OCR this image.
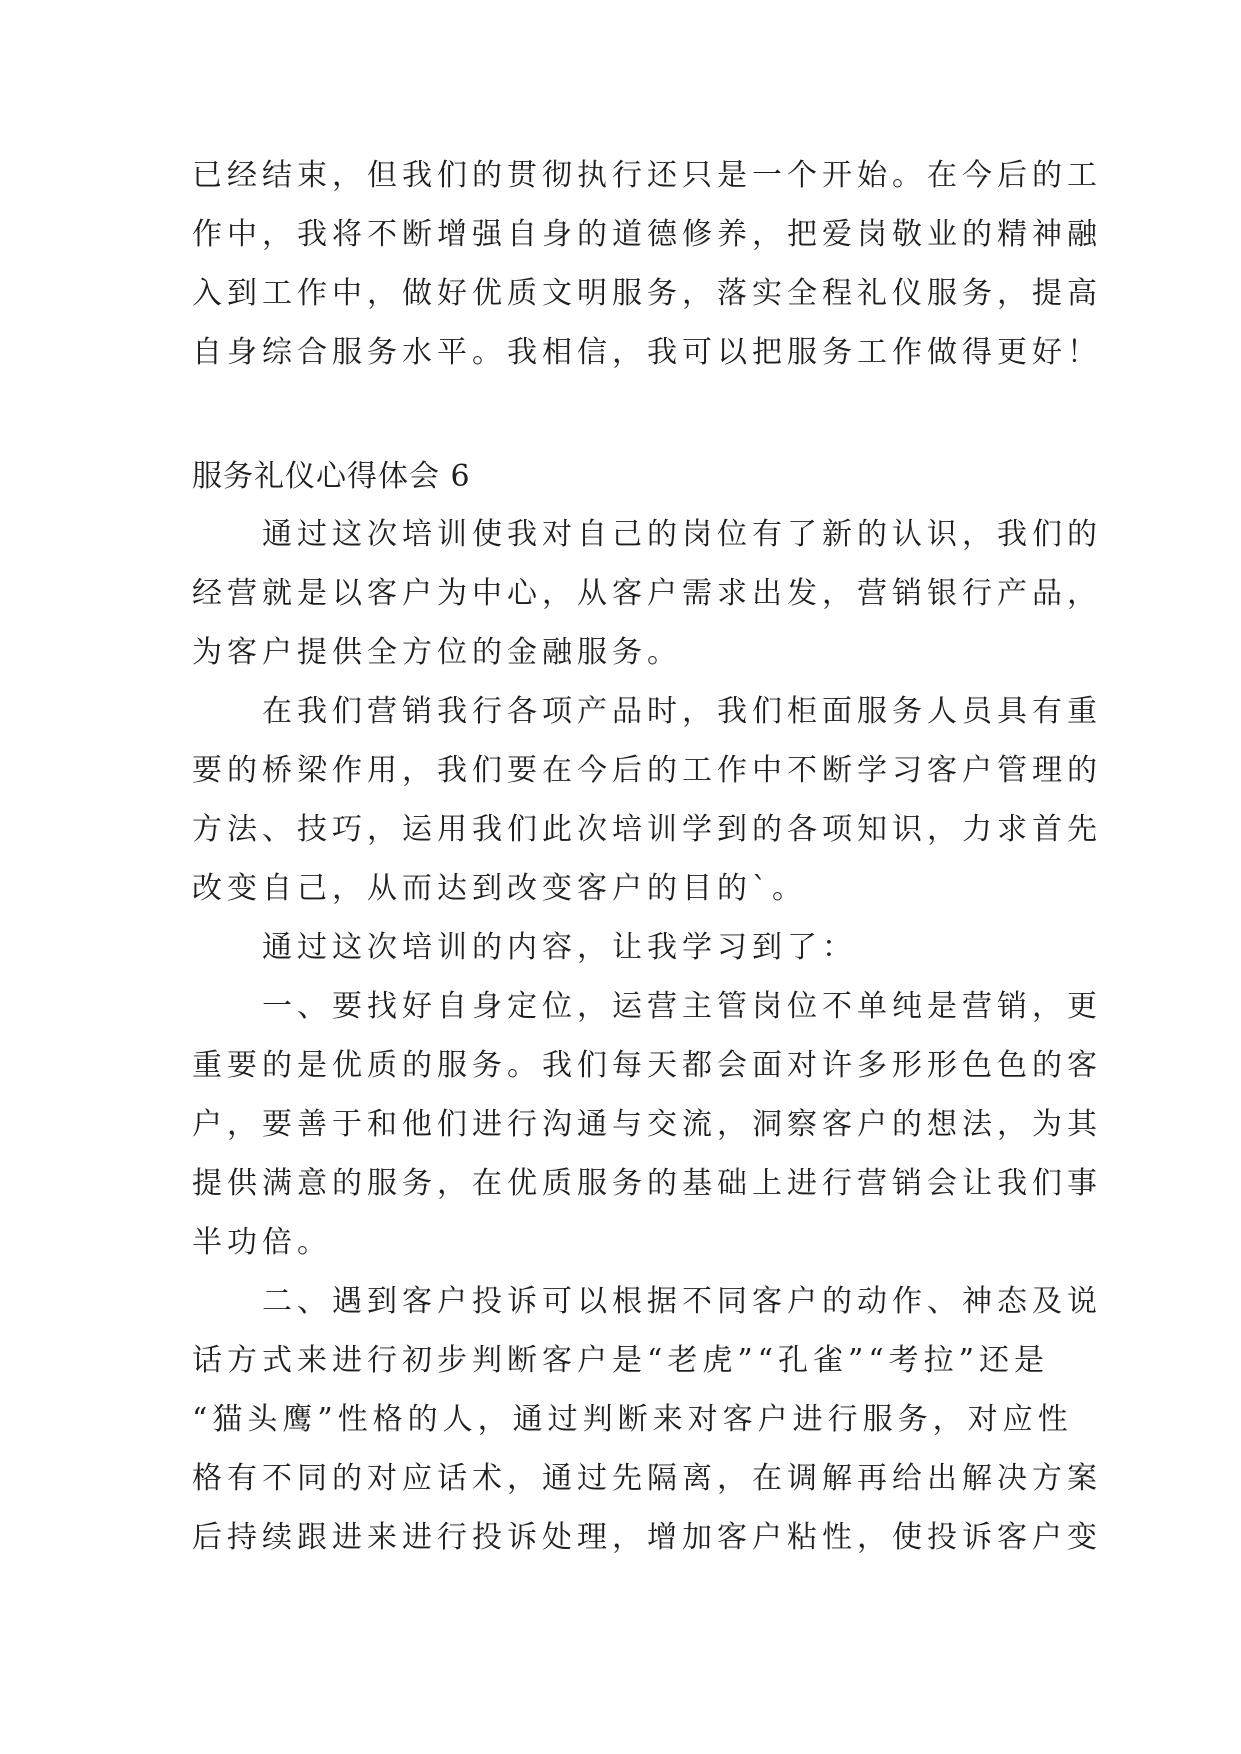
已经结束，但我们的贯彻执行还只是一个开始。在今后的工
作中，我将不断增强自身的道德修养，把爱岗敬业的精神融
入到工作中，做好优质文明服务，落实全程礼仪服务，提高
自身综合服务水平。我相信，我可以把服务工作做得更好！
服务礼仪心得体会 6
　　通过这次培训使我对自己的岗位有了新的认识，我们的
经营就是以客户为中心，从客户需求出发，营销银行产品，
为客户提供全方位的金融服务。
　　在我们营销我行各项产品时，我们柜面服务人员具有重
要的桥梁作用，我们要在今后的工作中不断学习客户管理的
方法、技巧，运用我们此次培训学到的各项知识，力求首先
改变自己，从而达到改变客户的目的`。
　　通过这次培训的内容，让我学习到了：
　　一、要找好自身定位，运营主管岗位不单纯是营销，更
重要的是优质的服务。我们每天都会面对许多形形色色的客
户，要善于和他们进行沟通与交流，洞察客户的想法，为其
提供满意的服务，在优质服务的基础上进行营销会让我们事
半功倍。
　　二、遇到客户投诉可以根据不同客户的动作、神态及说
话方式来进行初步判断客户是“老虎”“孔雀”“考拉”还是
“猫头鹰”性格的人，通过判断来对客户进行服务，对应性
格有不同的对应话术，通过先隔离，在调解再给出解决方案
后持续跟进来进行投诉处理，增加客户粘性，使投诉客户变
